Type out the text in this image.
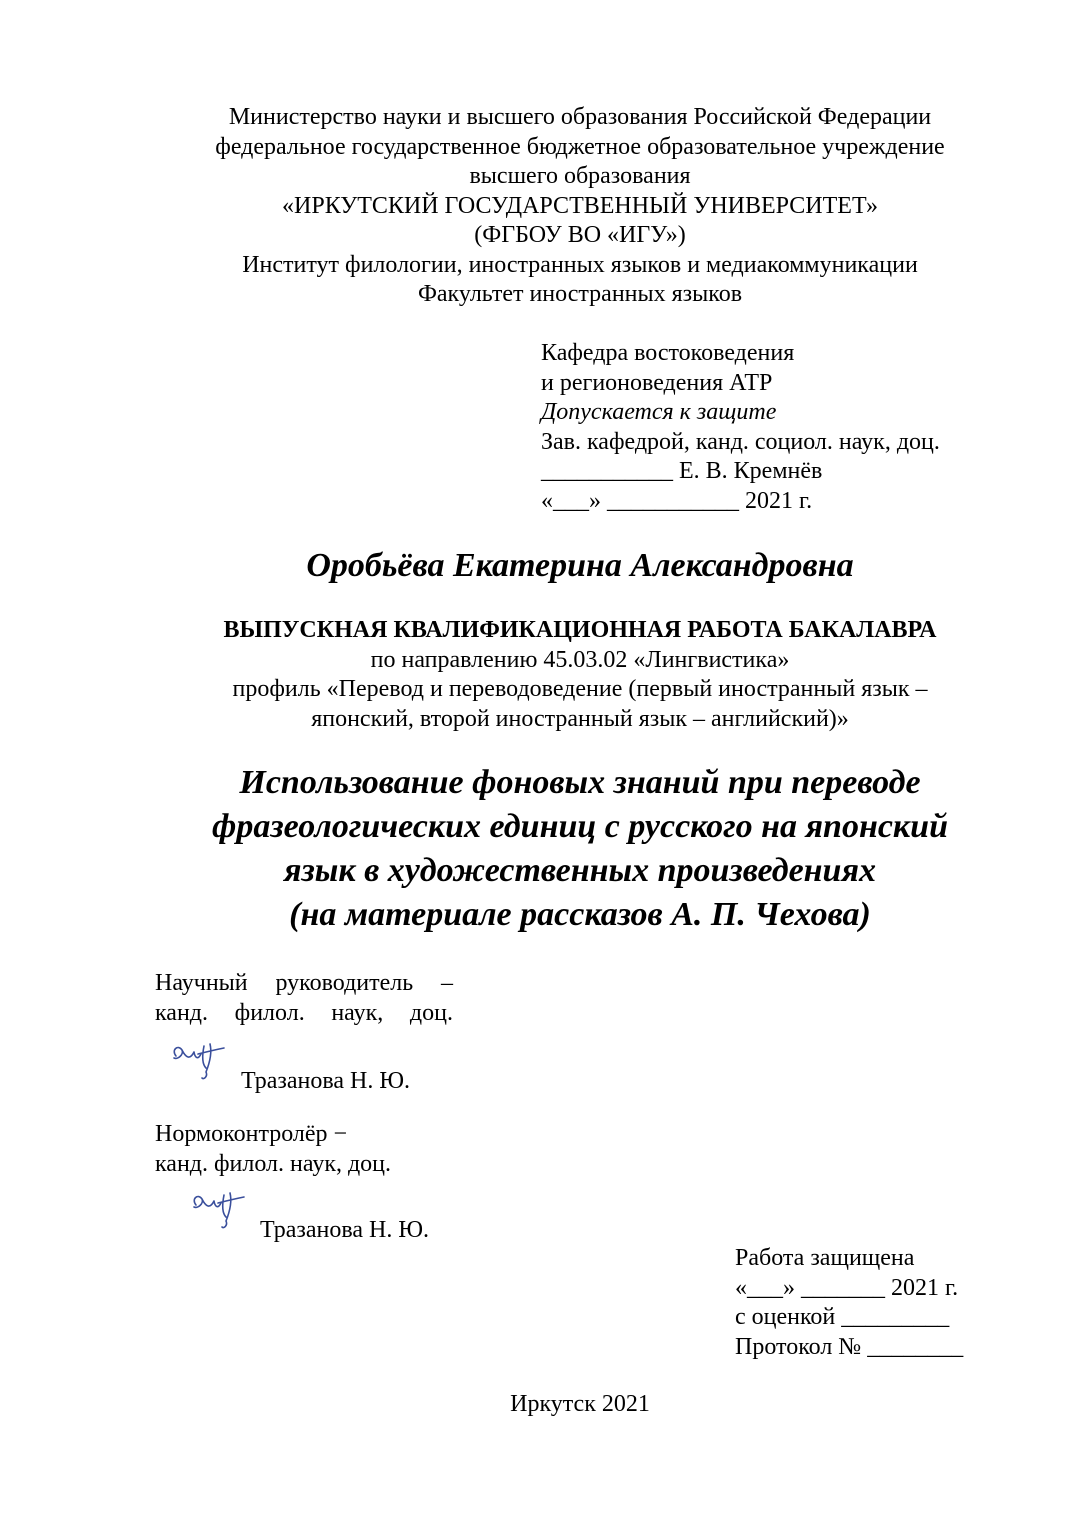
Министерство науки и высшего образования Российской Федерации
федеральное государственное бюджетное образовательное учреждение
высшего образования
«ИРКУТСКИЙ ГОСУДАРСТВЕННЫЙ УНИВЕРСИТЕТ»
(ФГБОУ ВО «ИГУ»)
Институт филологии, иностранных языков и медиакоммуникации
Факультет иностранных языков
Кафедра востоковедения
и регионоведения АТР
Допускается к защите
Зав. кафедрой, канд. социол. наук, доц.
___________ Е. В. Кремнёв
«___» ___________ 2021 г.
Оробьёва Екатерина Александровна
ВЫПУСКНАЯ КВАЛИФИКАЦИОННАЯ РАБОТА БАКАЛАВРА
по направлению 45.03.02 «Лингвистика»
профиль «Перевод и переводоведение (первый иностранный язык –
японский, второй иностранный язык – английский)»
Использование фоновых знаний при переводе
фразеологических единиц с русского на японский
язык в художественных произведениях
(на материале рассказов А. П. Чехова)
Научный руководитель –
канд. филол. наук, доц.
Тразанова Н. Ю.
Нормоконтролёр −
канд. филол. наук, доц.
Тразанова Н. Ю.
Работа защищена
«___» _______ 2021 г.
с оценкой _________
Протокол № ________
Иркутск 2021
